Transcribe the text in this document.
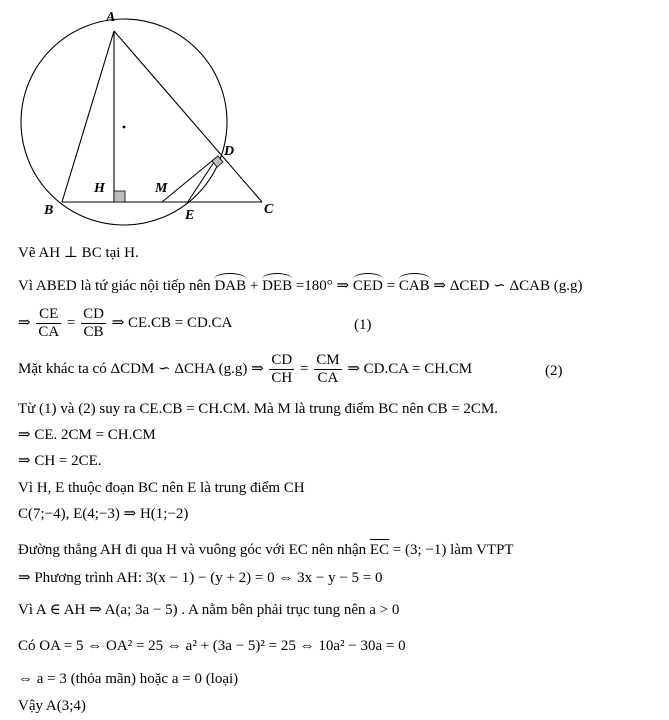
A
B	C
D
E
H	M
Vẽ AH ⊥ BC tại H.
Vì ABED là tứ giác nội tiếp nên DAB + DEB =180° ⇒ CED = CAB ⇒ ΔCED ∽ ΔCAB (g.g)
⇒ $\frac{CE}{CA} = \frac{CD}{CB}$ ⇒ CE.CB = CD.CA	(1)
Mặt khác ta có ΔCDM ∽ ΔCHA (g.g) ⇒ $\frac{CD}{CH} = \frac{CM}{CA}$ ⇒ CD.CA = CH.CM	(2)
Từ (1) và (2) suy ra CE.CB = CH.CM. Mà M là trung điểm BC nên CB = 2CM.
⇒ CE. 2CM = CH.CM
⇒ CH = 2CE.
Vì H, E thuộc đoạn BC nên E là trung điểm CH
C(7;−4), E(4;−3) ⇒ H(1;−2)
Đường thẳng AH đi qua H và vuông góc với EC nên nhận EC = (3; −1) làm VTPT
⇒ Phương trình AH: 3(x − 1) − (y + 2) = 0 ⇔ 3x − y − 5 = 0
Vì A ∈ AH ⇒ A(a; 3a − 5) . A nằm bên phải trục tung nên a > 0
Có OA = 5 ⇔ OA² = 25 ⇔ a² + (3a − 5)² = 25 ⇔ 10a² − 30a = 0
⇔ a = 3 (thỏa mãn) hoặc a = 0 (loại)
Vậy A(3;4)
